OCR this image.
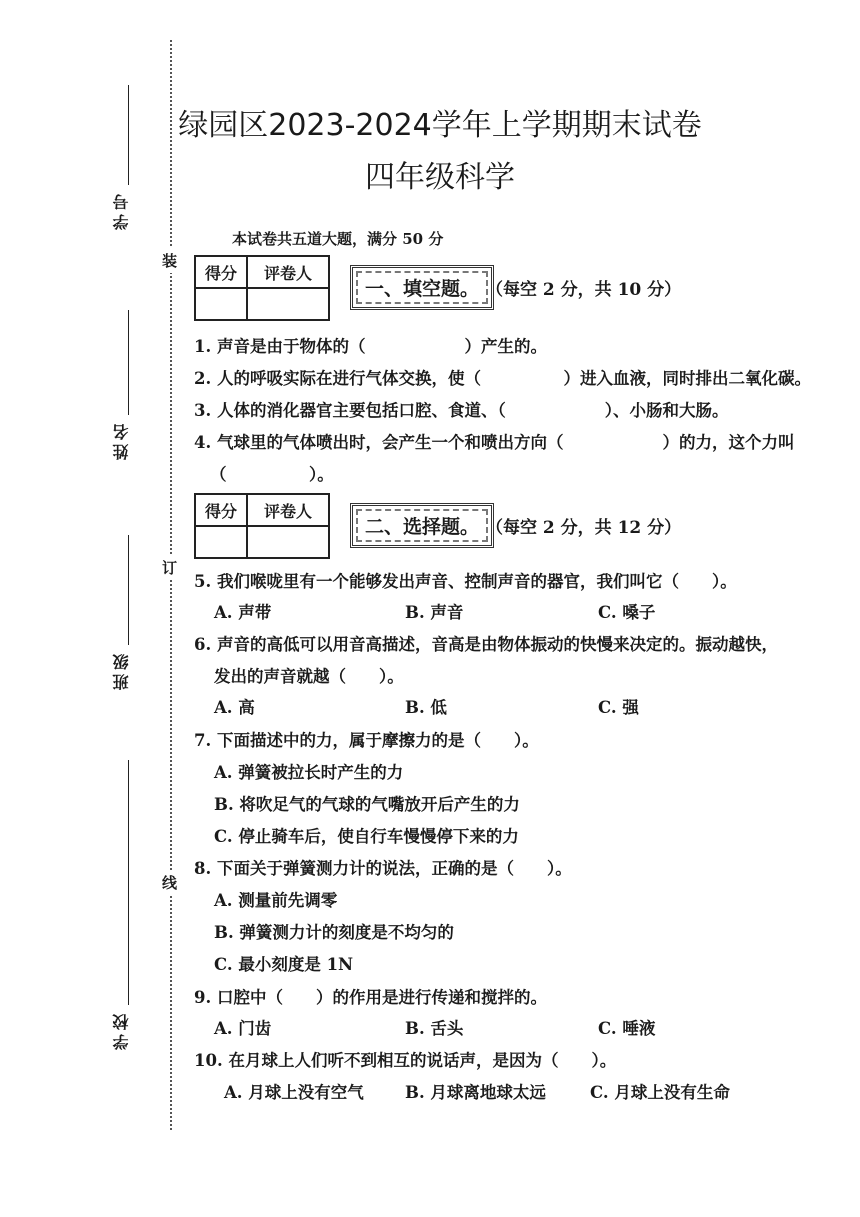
学号
姓名
班级
学校
装
订
线
绿园区2023-2024学年上学期期末试卷
四年级科学
本试卷共五道大题，满分 50 分
得分	评卷人

一、填空题。 （每空 2 分，共 10 分）
1. 声音是由于物体的（　　　　　　）产生的。
2. 人的呼吸实际在进行气体交换，使（　　　　　）进入血液，同时排出二氧化碳。
3. 人体的消化器官主要包括口腔、食道、（　　　　　　）、小肠和大肠。
4. 气球里的气体喷出时，会产生一个和喷出方向（　　　　　　）的力，这个力叫
（　　　　　）。
得分	评卷人

二、选择题。 （每空 2 分，共 12 分）
5. 我们喉咙里有一个能够发出声音、控制声音的器官，我们叫它（　　）。
A. 声带	B. 声音	C. 嗓子
6. 声音的高低可以用音高描述，音高是由物体振动的快慢来决定的。振动越快，
发出的声音就越（　　）。
A. 高	B. 低	C. 强
7. 下面描述中的力，属于摩擦力的是（　　）。
A. 弹簧被拉长时产生的力
B. 将吹足气的气球的气嘴放开后产生的力
C. 停止骑车后，使自行车慢慢停下来的力
8. 下面关于弹簧测力计的说法，正确的是（　　）。
A. 测量前先调零
B. 弹簧测力计的刻度是不均匀的
C. 最小刻度是 1N
9. 口腔中（　　）的作用是进行传递和搅拌的。
A. 门齿	B. 舌头	C. 唾液
10. 在月球上人们听不到相互的说话声，是因为（　　）。
A. 月球上没有空气 B. 月球离地球太远	C. 月球上没有生命
